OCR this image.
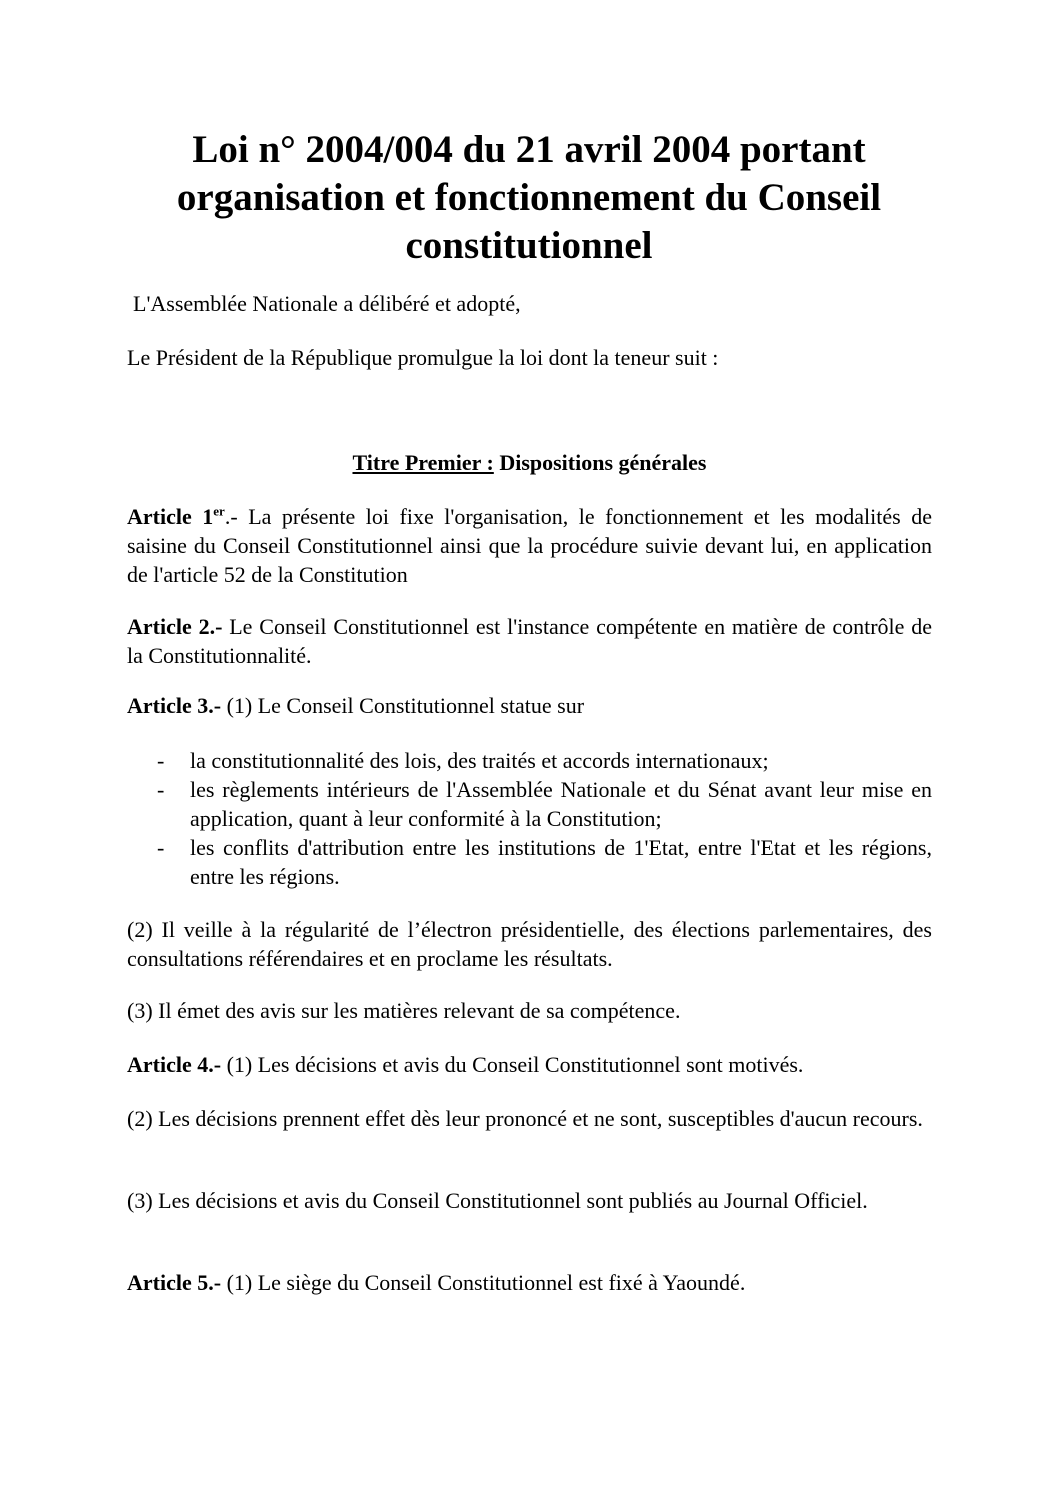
Loi n° 2004/004 du 21 avril 2004 portant organisation et fonctionnement du Conseil constitutionnel

L'Assemblée Nationale a délibéré et adopté,

Le Président de la République promulgue la loi dont la teneur suit :

Titre Premier : Dispositions générales

Article 1er.- La présente loi fixe l'organisation, le fonctionnement et les modalités de saisine du Conseil Constitutionnel ainsi que la procédure suivie devant lui, en application de l'article 52 de la Constitution

Article 2.- Le Conseil Constitutionnel est l'instance compétente en matière de contrôle de la Constitutionnalité.

Article 3.- (1) Le Conseil Constitutionnel statue sur

- la constitutionnalité des lois, des traités et accords internationaux;
- les règlements intérieurs de l'Assemblée Nationale et du Sénat avant leur mise en application, quant à leur conformité à la Constitution;
- les conflits d'attribution entre les institutions de 1'Etat, entre l'Etat et les régions, entre les régions.

(2) Il veille à la régularité de l’électron présidentielle, des élections parlementaires, des consultations référendaires et en proclame les résultats.

(3) Il émet des avis sur les matières relevant de sa compétence.

Article 4.- (1) Les décisions et avis du Conseil Constitutionnel sont motivés.

(2) Les décisions prennent effet dès leur prononcé et ne sont, susceptibles d'aucun recours.

(3) Les décisions et avis du Conseil Constitutionnel sont publiés au Journal Officiel.

Article 5.- (1) Le siège du Conseil Constitutionnel est fixé à Yaoundé.
